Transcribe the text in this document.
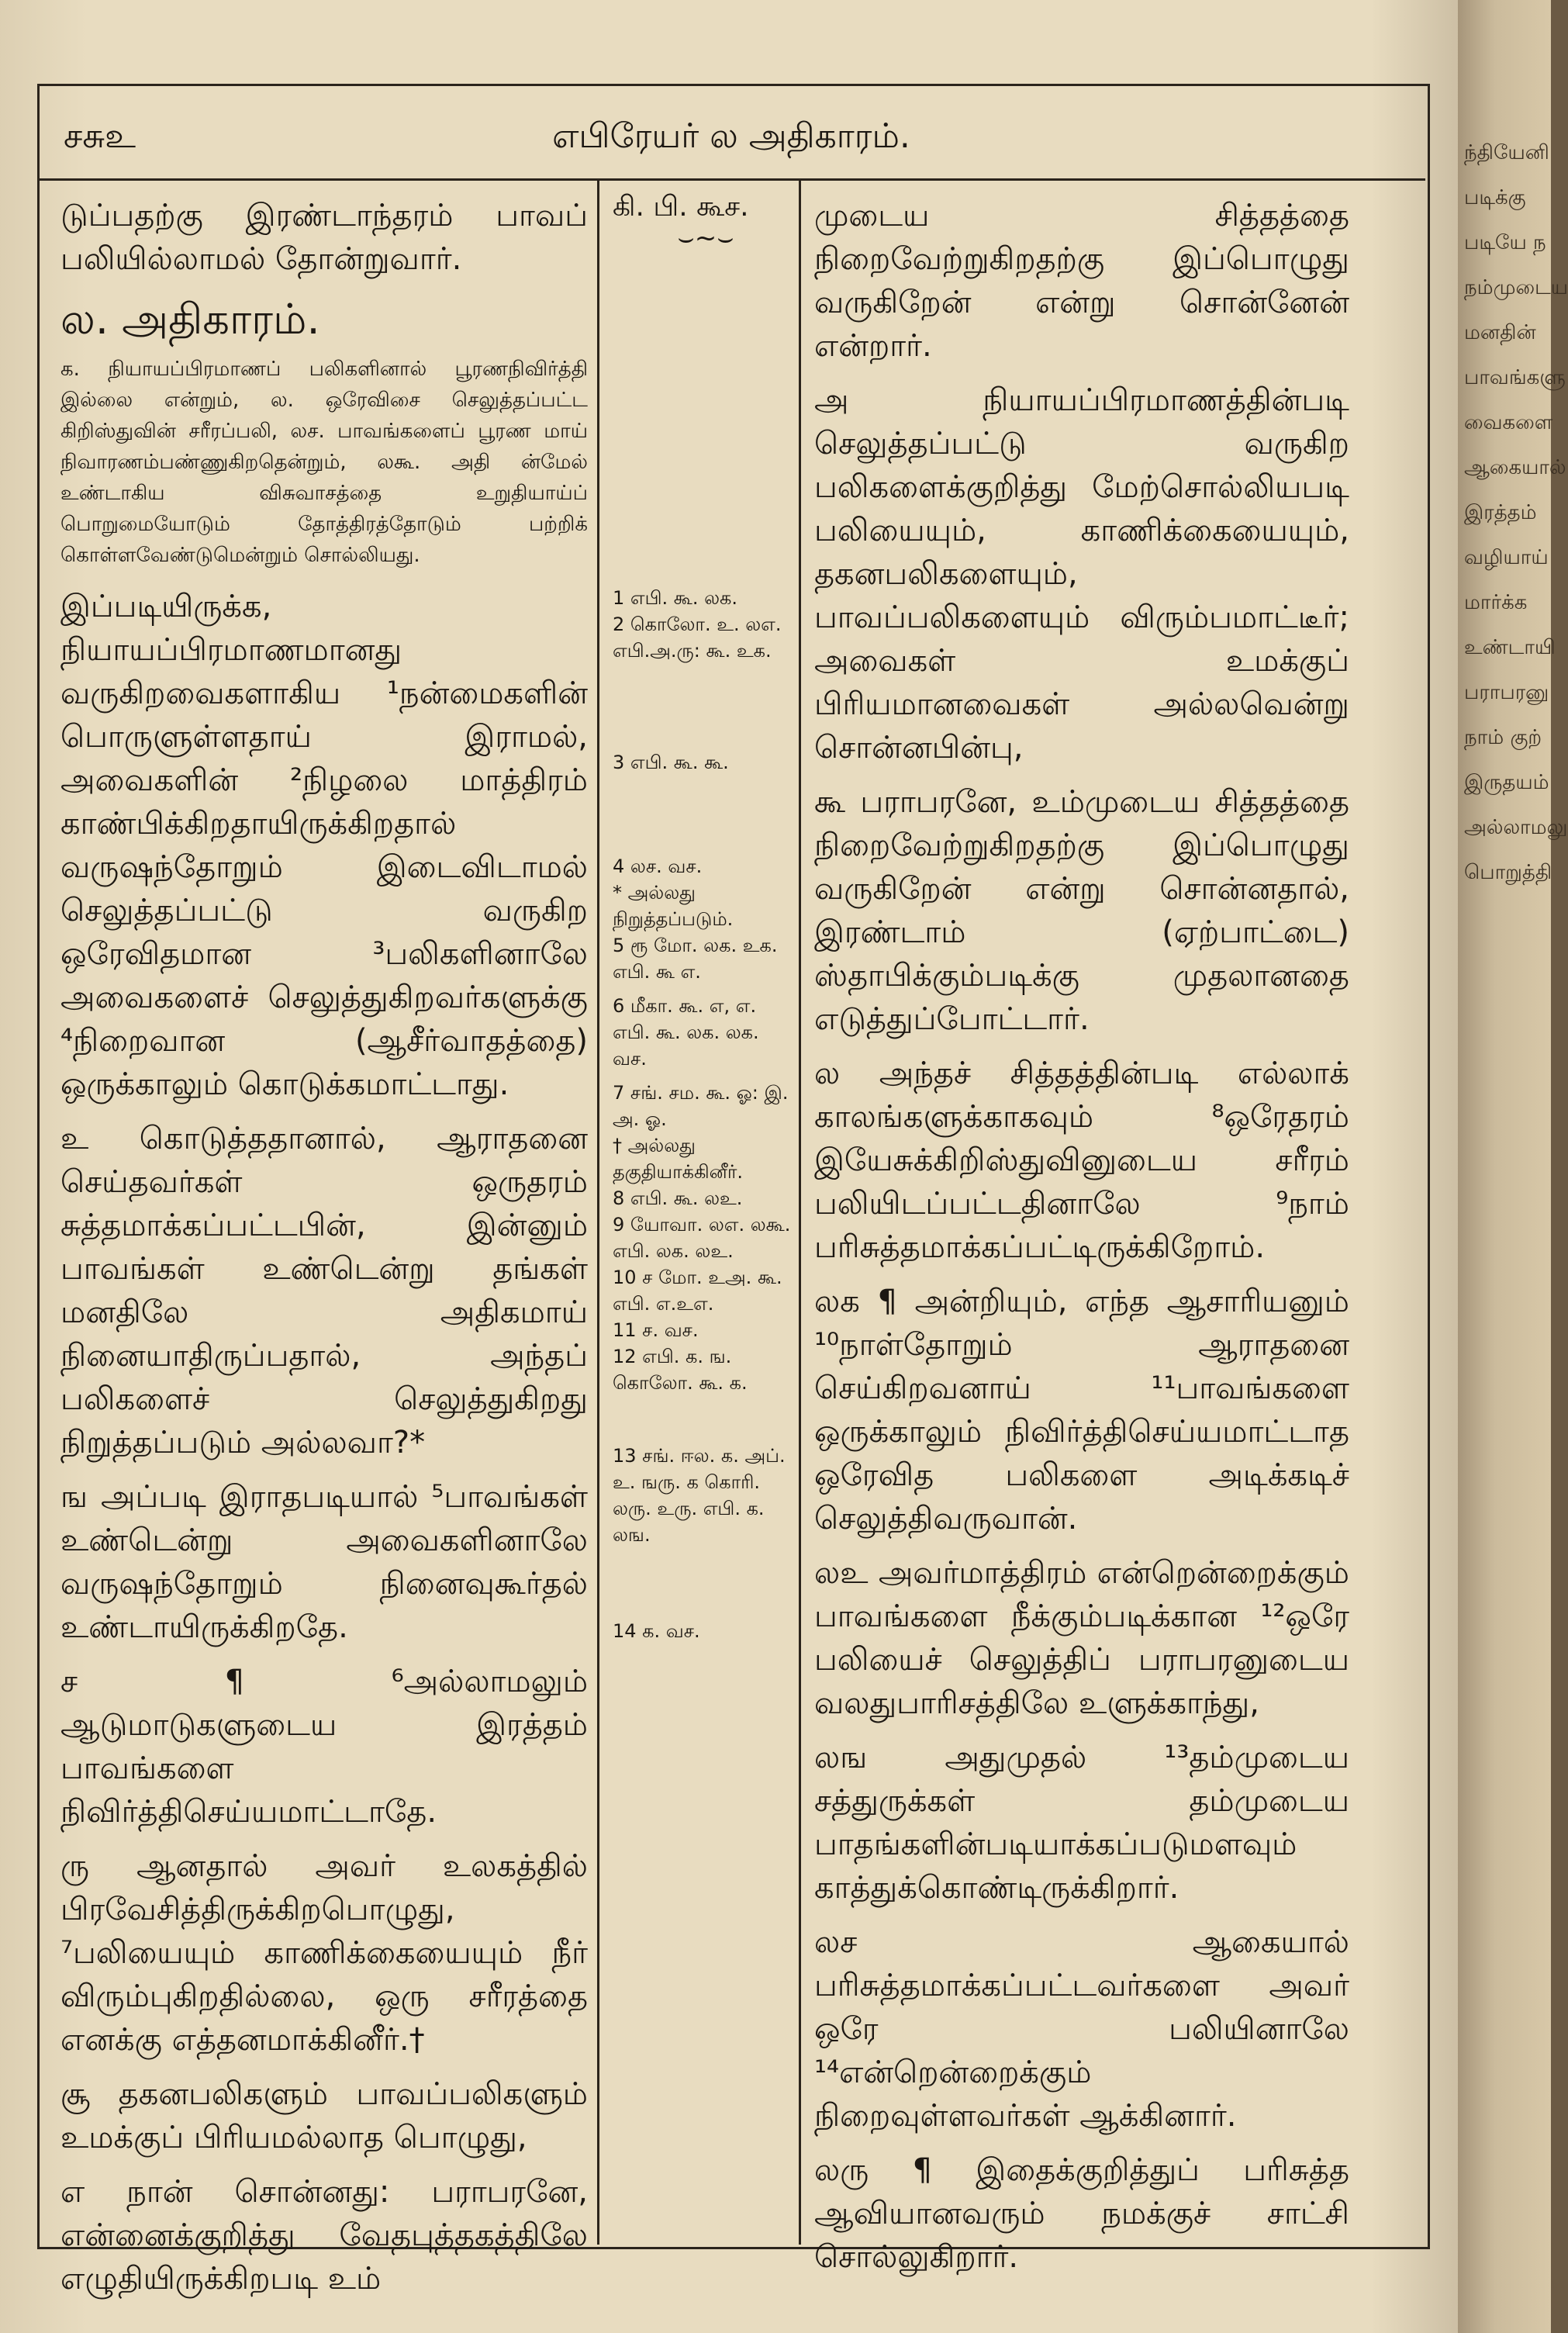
சசுஉ	எபிரேயர் ல அதிகாரம்.

டுப்பதற்கு இரண்டாந்தரம் பாவப் பலியில்லாமல் தோன்றுவார்.

ல. அதிகாரம்.

க. நியாயப்பிரமாணப் பலிகளினால் பூரணநிவிர்த்தி இல்லை என்றும், ல. ஒரேவிசை செலுத்தப்பட்ட கிறிஸ்துவின் சரீரப்பலி, லச. பாவங்களைப் பூரண மாய் நிவாரணம்பண்ணுகிறதென்றும், லகூ. அதி ன்மேல் உண்டாகிய விசுவாசத்தை உறுதியாய்ப் பொறுமையோடும் தோத்திரத்தோடும் பற்றிக் கொள்ளவேண்டுமென்றும் சொல்லியது.

இப்படியிருக்க, நியாயப்பிரமாணமானது வருகிறவைகளாகிய ¹நன்மைகளின் பொருளுள்ளதாய் இராமல், அவைகளின் ²நிழலை மாத்திரம் காண்பிக்கிறதாயிருக்கிறதால் வருஷந்தோறும் இடைவிடாமல் செலுத்தப்பட்டு வருகிற ஒரேவிதமான ³பலிகளினாலே அவைகளைச் செலுத்துகிறவர்களுக்கு ⁴நிறைவான (ஆசீர்வாதத்தை) ஒருக்காலும் கொடுக்கமாட்டாது.

உ கொடுத்ததானால், ஆராதனை செய்தவர்கள் ஒருதரம் சுத்தமாக்கப்பட்டபின், இன்னும் பாவங்கள் உண்டென்று தங்கள் மனதிலே அதிகமாய் நினையாதிருப்பதால், அந்தப் பலிகளைச் செலுத்துகிறது நிறுத்தப்படும் அல்லவா?*

ங அப்படி இராதபடியால் ⁵பாவங்கள் உண்டென்று அவைகளினாலே வருஷந்தோறும் நினைவுகூர்தல் உண்டாயிருக்கிறதே.

ச ¶ ⁶அல்லாமலும் ஆடுமாடுகளுடைய இரத்தம் பாவங்களை நிவிர்த்திசெய்யமாட்டாதே.

ரு ஆனதால் அவர் உலகத்தில் பிரவேசித்திருக்கிறபொழுது, ⁷பலியையும் காணிக்கையையும் நீர் விரும்புகிறதில்லை, ஒரு சரீரத்தை எனக்கு எத்தனமாக்கினீர்.†

சூ தகனபலிகளும் பாவப்பலிகளும் உமக்குப் பிரியமல்லாத பொழுது,

எ நான் சொன்னது: பராபரனே, என்னைக்குறித்து வேதபுத்தகத்திலே எழுதியிருக்கிறபடி உம்

கி. பி. கூச.
⌣~⌣

1 எபி. கூ. லக.

2 கொலோ. உ. லஎ. எபி.அ.ரு: கூ. உக.

3 எபி. கூ. கூ.

4 லச. வச.

* அல்லது நிறுத்தப்படும்.

5 ரூ மோ. லக. உக. எபி. கூ எ.

6 மீகா. கூ. எ, எ. எபி. கூ. லக. லக. வச.

7 சங். சம. கூ. ஓ: இ. அ. ஓ.

† அல்லது தகுதியாக்கினீர்.

8 எபி. கூ. லஉ.

9 யோவா. லஎ. லகூ. எபி. லக. லஉ.

10 ச மோ. உஅ. கூ. எபி. எ.உஎ.

11 ச. வச.

12 எபி. க. ங. கொலோ. கூ. க.

13 சங். ஈல. க. அப். உ. ஙரு. க கொரி. லரு. உரு. எபி. க. லங.

14 க. வச.

முடைய சித்தத்தை நிறைவேற்றுகிறதற்கு இப்பொழுது வருகிறேன் என்று சொன்னேன் என்றார்.

அ நியாயப்பிரமாணத்தின்படி செலுத்தப்பட்டு வருகிற பலிகளைக்குறித்து மேற்சொல்லியபடி பலியையும், காணிக்கையையும், தகனபலிகளையும், பாவப்பலிகளையும் விரும்பமாட்டீர்; அவைகள் உமக்குப் பிரியமானவைகள் அல்லவென்று சொன்னபின்பு,

கூ பராபரனே, உம்முடைய சித்தத்தை நிறைவேற்றுகிறதற்கு இப்பொழுது வருகிறேன் என்று சொன்னதால், இரண்டாம் (ஏற்பாட்டை) ஸ்தாபிக்கும்படிக்கு முதலானதை எடுத்துப்போட்டார்.

ல அந்தச் சித்தத்தின்படி எல்லாக் காலங்களுக்காகவும் ⁸ஒரேதரம் இயேசுக்கிறிஸ்துவினுடைய சரீரம் பலியிடப்பட்டதினாலே ⁹நாம் பரிசுத்தமாக்கப்பட்டிருக்கிறோம்.

லக ¶ அன்றியும், எந்த ஆசாரியனும் ¹⁰நாள்தோறும் ஆராதனை செய்கிறவனாய் ¹¹பாவங்களை ஒருக்காலும் நிவிர்த்திசெய்யமாட்டாத ஒரேவித பலிகளை அடிக்கடிச் செலுத்திவருவான்.

லஉ அவர்மாத்திரம் என்றென்றைக்கும் பாவங்களை நீக்கும்படிக்கான ¹²ஒரே பலியைச் செலுத்திப் பராபரனுடைய வலதுபாரிசத்திலே உளுக்காந்து,

லங அதுமுதல் ¹³தம்முடைய சத்துருக்கள் தம்முடைய பாதங்களின்படியாக்கப்படுமளவும் காத்துக்கொண்டிருக்கிறார்.

லச ஆகையால் பரிசுத்தமாக்கப்பட்டவர்களை அவர் ஒரே பலியினாலே ¹⁴என்றென்றைக்கும் நிறைவுள்ளவர்கள் ஆக்கினார்.

லரு ¶ இதைக்குறித்துப் பரிசுத்த ஆவியானவரும் நமக்குச் சாட்சி சொல்லுகிறார்.

ந்தியேனி
படிக்கு
படியே ந
நம்முடைய
மனதின்
பாவங்களு
வைகளை
ஆகையால்
இரத்தம்
வழியாய்
மார்க்க
உண்டாயி
பராபரனு
நாம் குற்
இருதயம்
அல்லாமலு
பொறுத்தி
